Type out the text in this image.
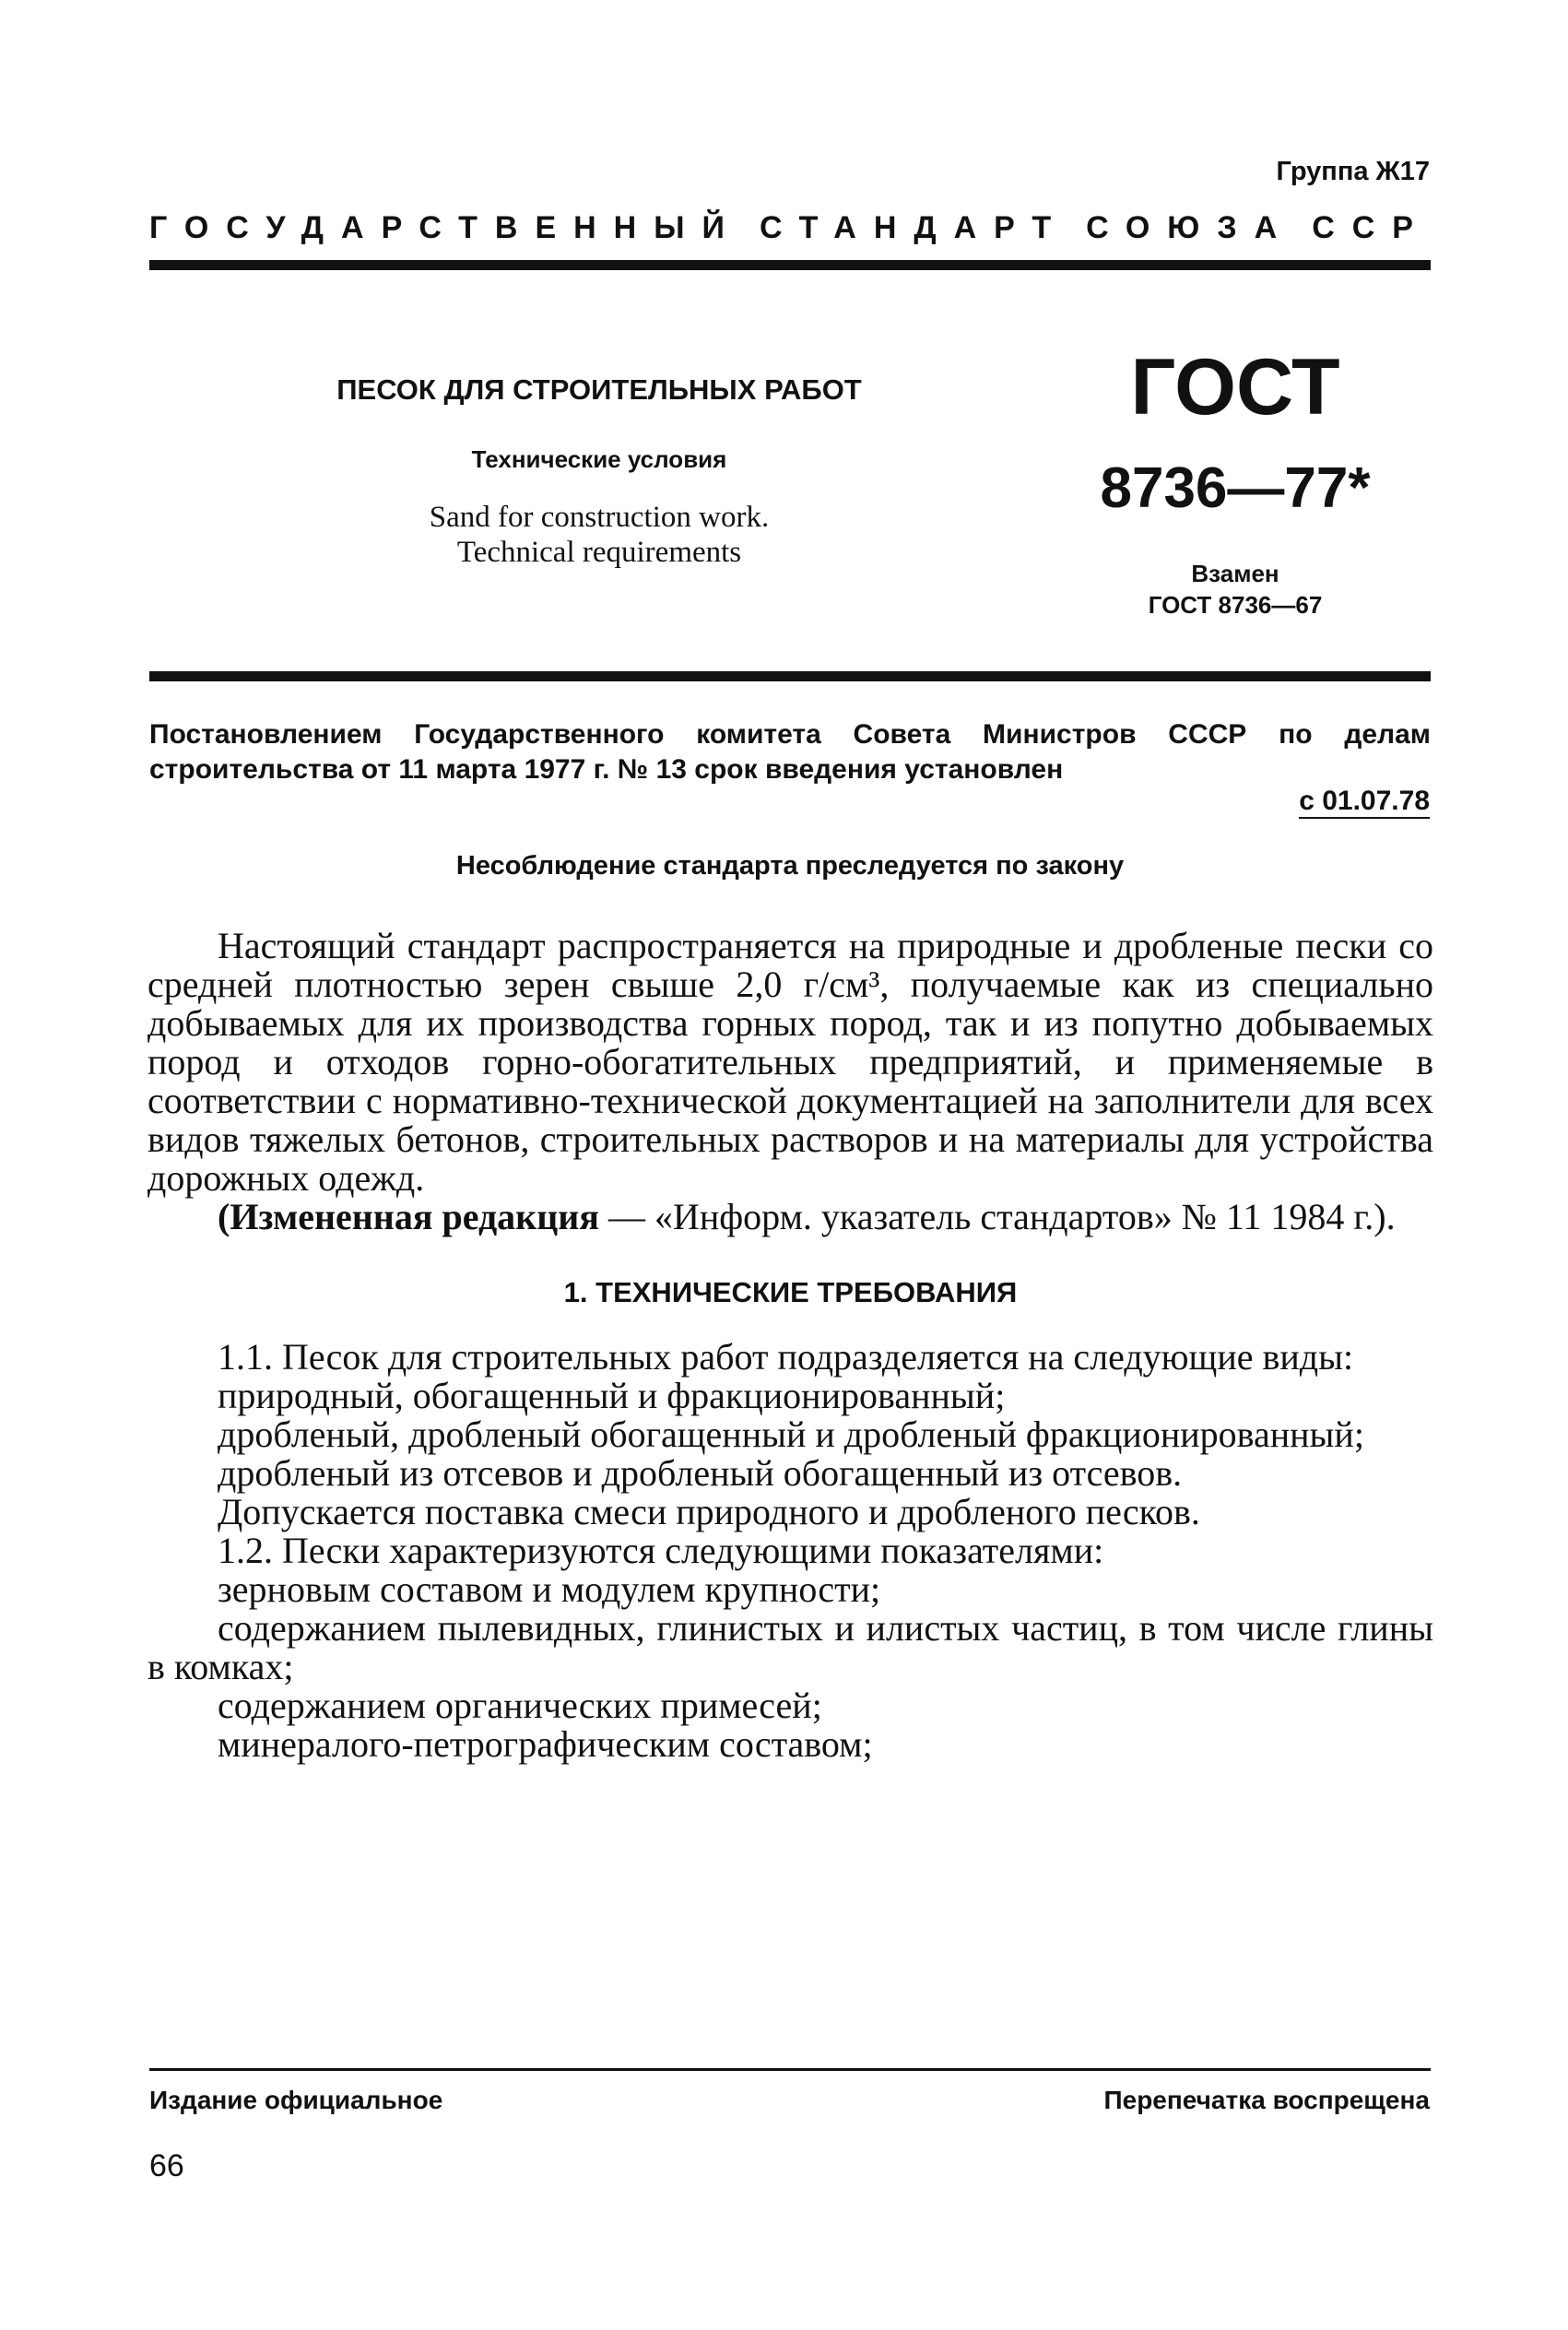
Группа Ж17
ГОСУДАРСТВЕННЫЙ СТАНДАРТ СОЮЗА ССР
ПЕСОК ДЛЯ СТРОИТЕЛЬНЫХ РАБОТ
Технические условия
Sand for construction work.
Technical requirements
ГОСТ
8736—77*
Взамен
ГОСТ 8736—67
Постановлением Государственного комитета Совета Министров СССР по делам строительства от 11 марта 1977 г. № 13 срок введения установлен
с 01.07.78
Несоблюдение стандарта преследуется по закону

Настоящий стандарт распространяется на природные и дробленые пески со средней плотностью зерен свыше 2,0 г/см³, получаемые как из специально добываемых для их производства горных пород, так и из попутно добываемых пород и отходов горно-обогатительных предприятий, и применяемые в соответствии с нормативно-технической документацией на заполнители для всех видов тяжелых бетонов, строительных растворов и на материалы для устройства дорожных одежд.

(Измененная редакция — «Информ. указатель стандартов» № 11 1984 г.).

1. ТЕХНИЧЕСКИЕ ТРЕБОВАНИЯ

1.1. Песок для строительных работ подразделяется на следующие виды:

природный, обогащенный и фракционированный;

дробленый, дробленый обогащенный и дробленый фракционированный;

дробленый из отсевов и дробленый обогащенный из отсевов.

Допускается поставка смеси природного и дробленого песков.

1.2. Пески характеризуются следующими показателями:

зерновым составом и модулем крупности;

содержанием пылевидных, глинистых и илистых частиц, в том числе глины в комках;

содержанием органических примесей;

минералого-петрографическим составом;

Издание официальное	Перепечатка воспрещена
66
